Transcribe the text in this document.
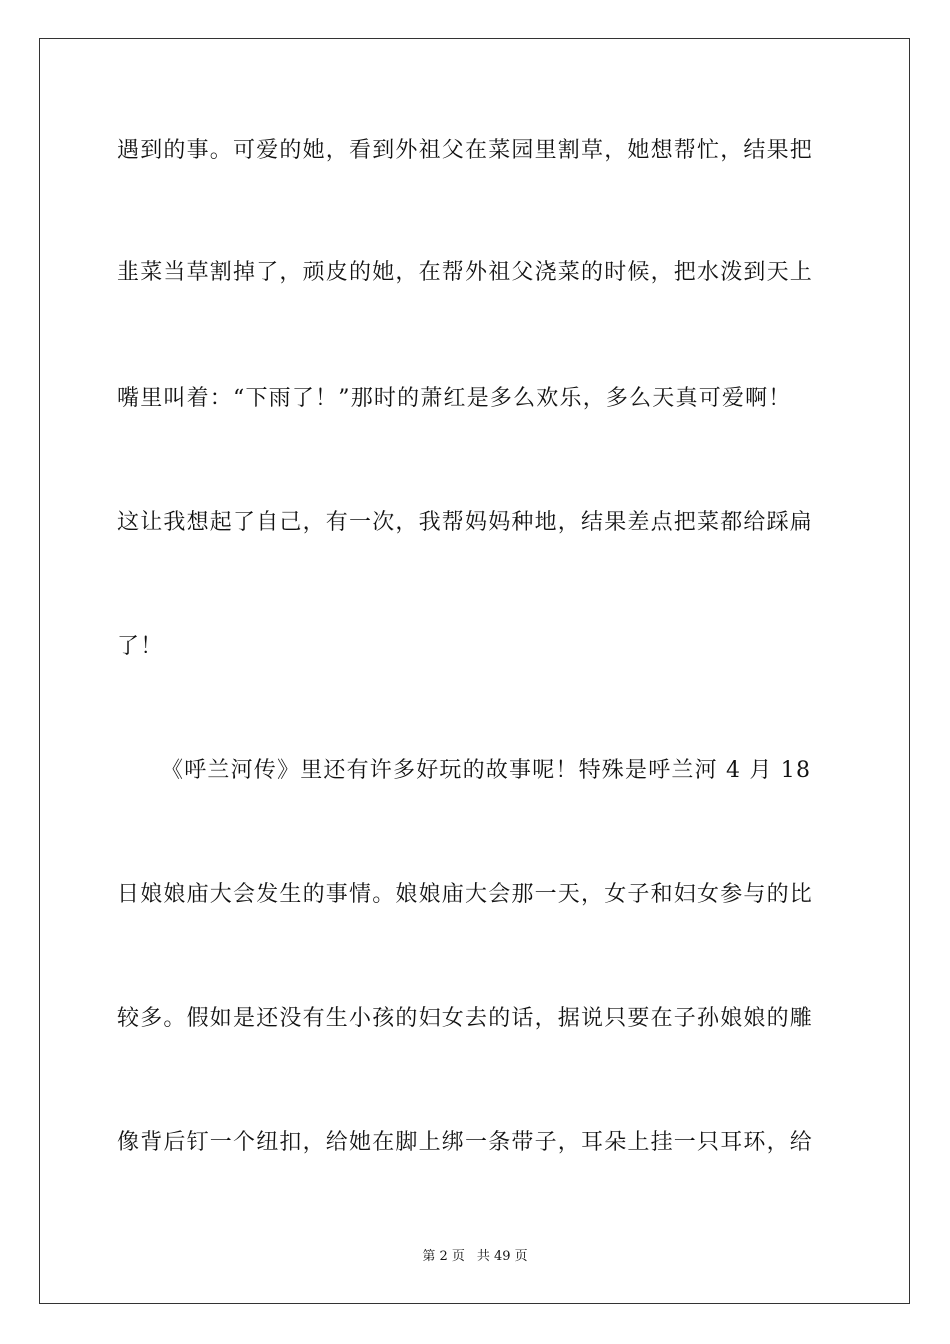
遇到的事。可爱的她，看到外祖父在菜园里割草，她想帮忙，结果把
韭菜当草割掉了，顽皮的她，在帮外祖父浇菜的时候，把水泼到天上
嘴里叫着：“下雨了！”那时的萧红是多么欢乐，多么天真可爱啊！
这让我想起了自己，有一次，我帮妈妈种地，结果差点把菜都给踩扁
了！
《呼兰河传》里还有许多好玩的故事呢！特殊是呼兰河 4 月 18
日娘娘庙大会发生的事情。娘娘庙大会那一天，女子和妇女参与的比
较多。假如是还没有生小孩的妇女去的话，据说只要在子孙娘娘的雕
像背后钉一个纽扣，给她在脚上绑一条带子，耳朵上挂一只耳环，给
第 2 页 共 49 页
